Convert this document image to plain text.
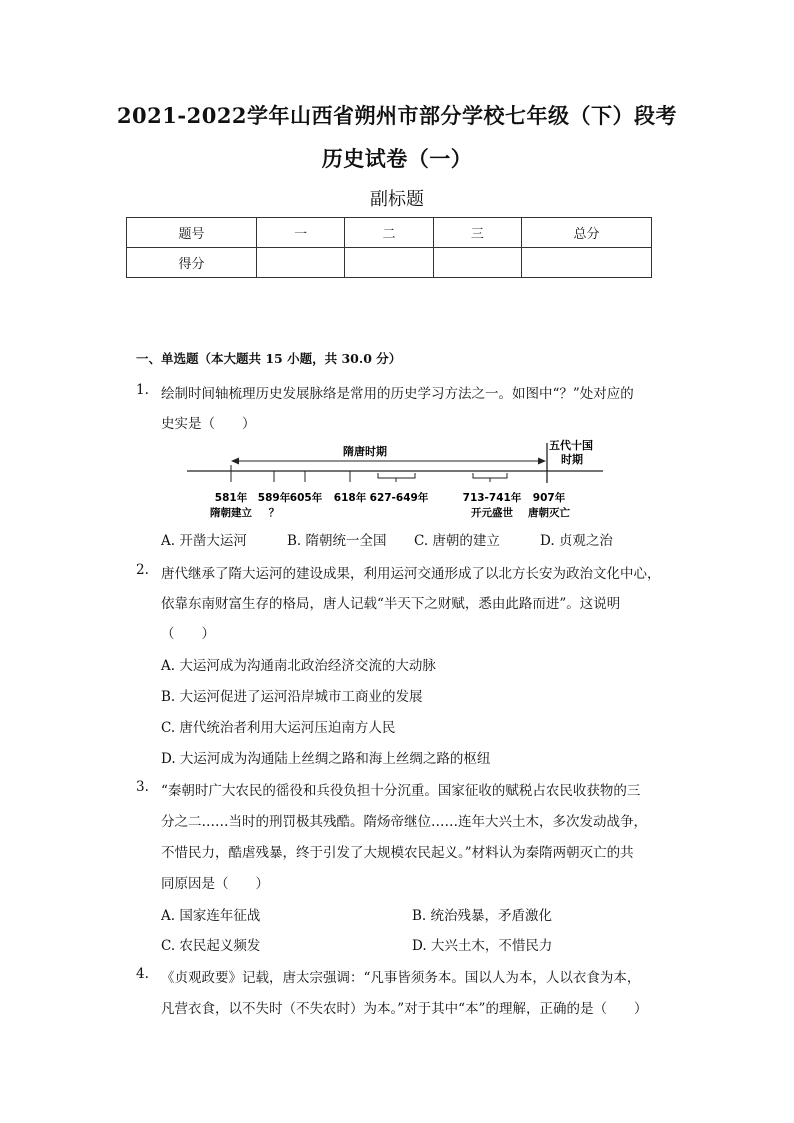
2021-2022学年山西省朔州市部分学校七年级（下）段考
历史试卷（一）
副标题
题号	一	二	三	总分
得分				
一、单选题（本大题共 15 小题，共 30.0 分）
1. 绘制时间轴梳理历史发展脉络是常用的历史学习方法之一。如图中“？”处对应的
史实是（　　）
隋唐时期	五代十国
时期
581年 589年 605年 618年 627-649年	713-741年 907年
隋朝建立 ？	开元盛世 唐朝灭亡
A. 开凿大运河	B. 隋朝统一全国 C. 唐朝的建立	D. 贞观之治
2. 唐代继承了隋大运河的建设成果，利用运河交通形成了以北方长安为政治文化中心，
依靠东南财富生存的格局，唐人记载“半天下之财赋，悉由此路而进”。这说明
（　　）
A. 大运河成为沟通南北政治经济交流的大动脉
B. 大运河促进了运河沿岸城市工商业的发展
C. 唐代统治者利用大运河压迫南方人民
D. 大运河成为沟通陆上丝绸之路和海上丝绸之路的枢纽
3. “秦朝时广大农民的徭役和兵役负担十分沉重。国家征收的赋税占农民收获物的三
分之二……当时的刑罚极其残酷。隋炀帝继位……连年大兴土木，多次发动战争，
不惜民力，酷虐残暴，终于引发了大规模农民起义。”材料认为秦隋两朝灭亡的共
同原因是（　　）
A. 国家连年征战	B. 统治残暴，矛盾激化
C. 农民起义频发	D. 大兴土木，不惜民力
4. 《贞观政要》记载，唐太宗强调：“凡事皆须务本。国以人为本，人以衣食为本，
凡营衣食，以不失时（不失农时）为本。”对于其中“本”的理解，正确的是（　　）
